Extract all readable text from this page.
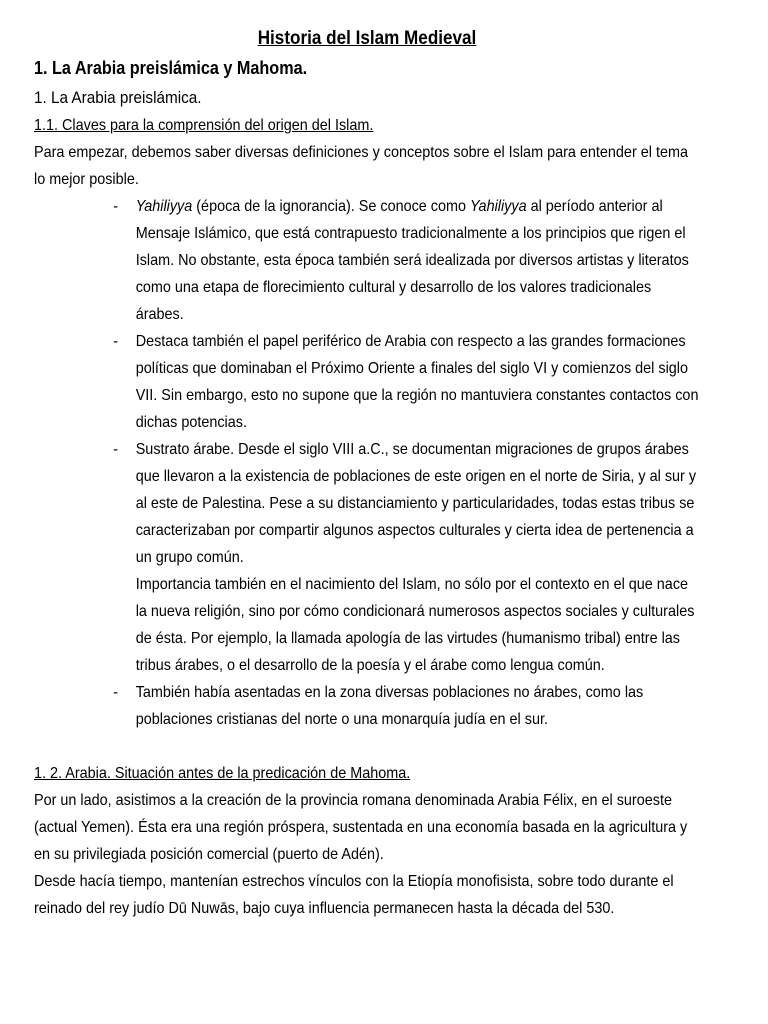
Historia del Islam Medieval
1. La Arabia preislámica y Mahoma.
1. La Arabia preislámica.
1.1. Claves para la comprensión del origen del Islam.

Para empezar, debemos saber diversas definiciones y conceptos sobre el Islam para entender el tema lo mejor posible.

- Yahiliyya (época de la ignorancia). Se conoce como Yahiliyya al período anterior al Mensaje Islámico, que está contrapuesto tradicionalmente a los principios que rigen el Islam. No obstante, esta época también será idealizada por diversos artistas y literatos como una etapa de florecimiento cultural y desarrollo de los valores tradicionales árabes.
- Destaca también el papel periférico de Arabia con respecto a las grandes formaciones políticas que dominaban el Próximo Oriente a finales del siglo VI y comienzos del siglo VII. Sin embargo, esto no supone que la región no mantuviera constantes contactos con dichas potencias.
- Sustrato árabe. Desde el siglo VIII a.C., se documentan migraciones de grupos árabes que llevaron a la existencia de poblaciones de este origen en el norte de Siria, y al sur y al este de Palestina. Pese a su distanciamiento y particularidades, todas estas tribus se caracterizaban por compartir algunos aspectos culturales y cierta idea de pertenencia a un grupo común.

Importancia también en el nacimiento del Islam, no sólo por el contexto en el que nace la nueva religión, sino por cómo condicionará numerosos aspectos sociales y culturales de ésta. Por ejemplo, la llamada apología de las virtudes (humanismo tribal) entre las tribus árabes, o el desarrollo de la poesía y el árabe como lengua común.

- También había asentadas en la zona diversas poblaciones no árabes, como las poblaciones cristianas del norte o una monarquía judía en el sur.
1. 2. Arabia. Situación antes de la predicación de Mahoma.

Por un lado, asistimos a la creación de la provincia romana denominada Arabia Félix, en el suroeste (actual Yemen). Ésta era una región próspera, sustentada en una economía basada en la agricultura y en su privilegiada posición comercial (puerto de Adén).

Desde hacía tiempo, mantenían estrechos vínculos con la Etiopía monofisista, sobre todo durante el reinado del rey judío Dū Nuwās, bajo cuya influencia permanecen hasta la década del 530.
